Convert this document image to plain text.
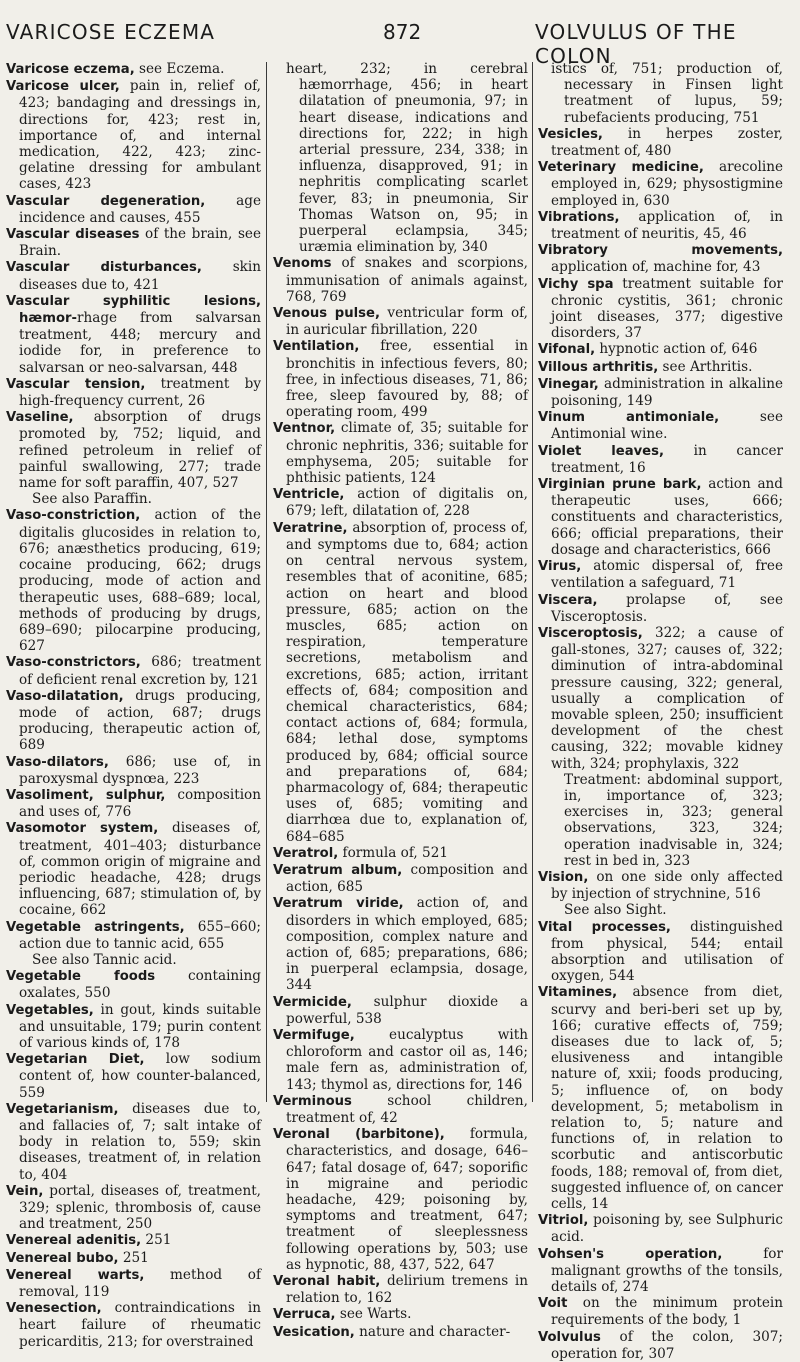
VARICOSE ECZEMA	872	VOLVULUS OF THE COLON

Varicose eczema, see Eczema.

Varicose ulcer, pain in, relief of, 423; bandaging and dressings in, directions for, 423; rest in, importance of, and internal medication, 422, 423; zinc-gelatine dressing for ambulant cases, 423

Vascular degeneration, age incidence and causes, 455

Vascular diseases of the brain, see Brain.

Vascular disturbances, skin diseases due to, 421

Vascular syphilitic lesions, hæmor-rhage from salvarsan treatment, 448; mercury and iodide for, in preference to salvarsan or neo-salvarsan, 448

Vascular tension, treatment by high-frequency current, 26

Vaseline, absorption of drugs promoted by, 752; liquid, and refined petroleum in relief of painful swallowing, 277; trade name for soft paraffin, 407, 527

See also Paraffin.

Vaso-constriction, action of the digitalis glucosides in relation to, 676; anæsthetics producing, 619; cocaine producing, 662; drugs producing, mode of action and therapeutic uses, 688–689; local, methods of producing by drugs, 689–690; pilocarpine producing, 627

Vaso-constrictors, 686; treatment of deficient renal excretion by, 121

Vaso-dilatation, drugs producing, mode of action, 687; drugs producing, therapeutic action of, 689

Vaso-dilators, 686; use of, in paroxysmal dyspnœa, 223

Vasoliment, sulphur, composition and uses of, 776

Vasomotor system, diseases of, treatment, 401–403; disturbance of, common origin of migraine and periodic headache, 428; drugs influencing, 687; stimulation of, by cocaine, 662

Vegetable astringents, 655–660; action due to tannic acid, 655

See also Tannic acid.

Vegetable foods containing oxalates, 550

Vegetables, in gout, kinds suitable and unsuitable, 179; purin content of various kinds of, 178

Vegetarian Diet, low sodium content of, how counter-balanced, 559

Vegetarianism, diseases due to, and fallacies of, 7; salt intake of body in relation to, 559; skin diseases, treatment of, in relation to, 404

Vein, portal, diseases of, treatment, 329; splenic, thrombosis of, cause and treatment, 250

Venereal adenitis, 251

Venereal bubo, 251

Venereal warts, method of removal, 119

Venesection, contraindications in heart failure of rheumatic pericarditis, 213; for overstrained

heart, 232; in cerebral hæmorrhage, 456; in heart dilatation of pneumonia, 97; in heart disease, indications and directions for, 222; in high arterial pressure, 234, 338; in influenza, disapproved, 91; in nephritis complicating scarlet fever, 83; in pneumonia, Sir Thomas Watson on, 95; in puerperal eclampsia, 345; uræmia elimination by, 340

Venoms of snakes and scorpions, immunisation of animals against, 768, 769

Venous pulse, ventricular form of, in auricular fibrillation, 220

Ventilation, free, essential in bronchitis in infectious fevers, 80; free, in infectious diseases, 71, 86; free, sleep favoured by, 88; of operating room, 499

Ventnor, climate of, 35; suitable for chronic nephritis, 336; suitable for emphysema, 205; suitable for phthisic patients, 124

Ventricle, action of digitalis on, 679; left, dilatation of, 228

Veratrine, absorption of, process of, and symptoms due to, 684; action on central nervous system, resembles that of aconitine, 685; action on heart and blood pressure, 685; action on the muscles, 685; action on respiration, temperature secretions, metabolism and excretions, 685; action, irritant effects of, 684; composition and chemical characteristics, 684; contact actions of, 684; formula, 684; lethal dose, symptoms produced by, 684; official source and preparations of, 684; pharmacology of, 684; therapeutic uses of, 685; vomiting and diarrhœa due to, explanation of, 684–685

Veratrol, formula of, 521

Veratrum album, composition and action, 685

Veratrum viride, action of, and disorders in which employed, 685; composition, complex nature and action of, 685; preparations, 686; in puerperal eclampsia, dosage, 344

Vermicide, sulphur dioxide a powerful, 538

Vermifuge, eucalyptus with chloroform and castor oil as, 146; male fern as, administration of, 143; thymol as, directions for, 146

Verminous school children, treatment of, 42

Veronal (barbitone), formula, characteristics, and dosage, 646–647; fatal dosage of, 647; soporific in migraine and periodic headache, 429; poisoning by, symptoms and treatment, 647; treatment of sleeplessness following operations by, 503; use as hypnotic, 88, 437, 522, 647

Veronal habit, delirium tremens in relation to, 162

Verruca, see Warts.

Vesication, nature and character-

istics of, 751; production of, necessary in Finsen light treatment of lupus, 59; rubefacients producing, 751

Vesicles, in herpes zoster, treatment of, 480

Veterinary medicine, arecoline employed in, 629; physostigmine employed in, 630

Vibrations, application of, in treatment of neuritis, 45, 46

Vibratory movements, application of, machine for, 43

Vichy spa treatment suitable for chronic cystitis, 361; chronic joint diseases, 377; digestive disorders, 37

Vifonal, hypnotic action of, 646

Villous arthritis, see Arthritis.

Vinegar, administration in alkaline poisoning, 149

Vinum antimoniale, see Antimonial wine.

Violet leaves, in cancer treatment, 16

Virginian prune bark, action and therapeutic uses, 666; constituents and characteristics, 666; official preparations, their dosage and characteristics, 666

Virus, atomic dispersal of, free ventilation a safeguard, 71

Viscera, prolapse of, see Visceroptosis.

Visceroptosis, 322; a cause of gall-stones, 327; causes of, 322; diminution of intra-abdominal pressure causing, 322; general, usually a complication of movable spleen, 250; insufficient development of the chest causing, 322; movable kidney with, 324; prophylaxis, 322

Treatment: abdominal support, in, importance of, 323; exercises in, 323; general observations, 323, 324; operation inadvisable in, 324; rest in bed in, 323

Vision, on one side only affected by injection of strychnine, 516

See also Sight.

Vital processes, distinguished from physical, 544; entail absorption and utilisation of oxygen, 544

Vitamines, absence from diet, scurvy and beri-beri set up by, 166; curative effects of, 759; diseases due to lack of, 5; elusiveness and intangible nature of, xxii; foods producing, 5; influence of, on body development, 5; metabolism in relation to, 5; nature and functions of, in relation to scorbutic and antiscorbutic foods, 188; removal of, from diet, suggested influence of, on cancer cells, 14

Vitriol, poisoning by, see Sulphuric acid.

Vohsen's operation, for malignant growths of the tonsils, details of, 274

Voit on the minimum protein requirements of the body, 1

Volvulus of the colon, 307; operation for, 307
